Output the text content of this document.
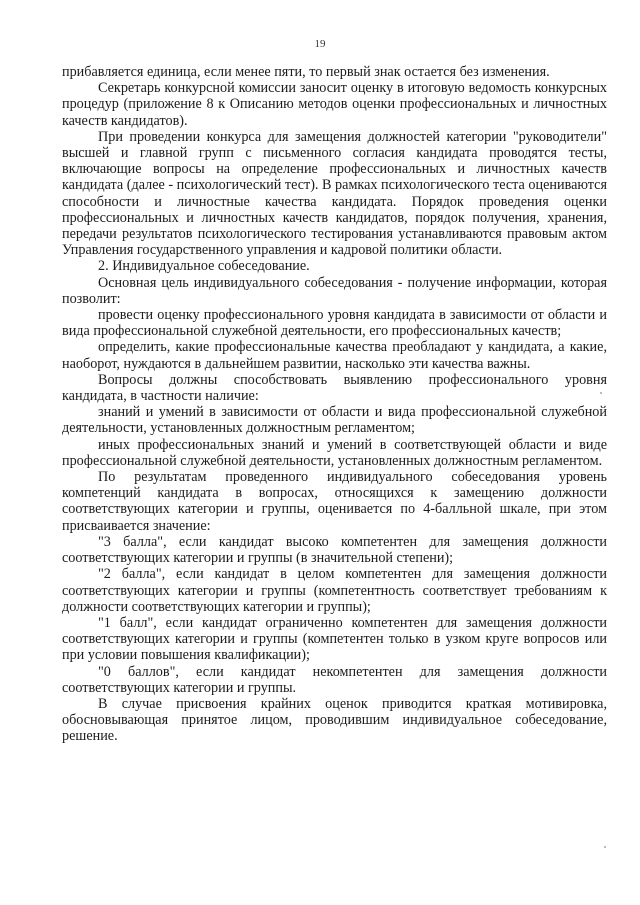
19

прибавляется единица, если менее пяти, то первый знак остается без изменения.

Секретарь конкурсной комиссии заносит оценку в итоговую ведомость конкурсных процедур (приложение 8 к Описанию методов оценки профессиональных и личностных качеств кандидатов).

При проведении конкурса для замещения должностей категории "руководители" высшей и главной групп с письменного согласия кандидата проводятся тесты, включающие вопросы на определение профессиональных и личностных качеств кандидата (далее - психологический тест). В рамках психологического теста оцениваются способности и личностные качества кандидата. Порядок проведения оценки профессиональных и личностных качеств кандидатов, порядок получения, хранения, передачи результатов психологического тестирования устанавливаются правовым актом Управления государственного управления и кадровой политики области.

2. Индивидуальное собеседование.

Основная цель индивидуального собеседования - получение информации, которая позволит:

провести оценку профессионального уровня кандидата в зависимости от области и вида профессиональной служебной деятельности, его профессиональных качеств;

определить, какие профессиональные качества преобладают у кандидата, а какие, наоборот, нуждаются в дальнейшем развитии, насколько эти качества важны.

Вопросы должны способствовать выявлению профессионального уровня кандидата, в частности наличие:

знаний и умений в зависимости от области и вида профессиональной служебной деятельности, установленных должностным регламентом;

иных профессиональных знаний и умений в соответствующей области и виде профессиональной служебной деятельности, установленных должностным регламентом.

По результатам проведенного индивидуального собеседования уровень компетенций кандидата в вопросах, относящихся к замещению должности соответствующих категории и группы, оценивается по 4-балльной шкале, при этом присваивается значение:

"3 балла", если кандидат высоко компетентен для замещения должности соответствующих категории и группы (в значительной степени);

"2 балла", если кандидат в целом компетентен для замещения должности соответствующих категории и группы (компетентность соответствует требованиям к должности соответствующих категории и группы);

"1 балл", если кандидат ограниченно компетентен для замещения должности соответствующих категории и группы (компетентен только в узком круге вопросов или при условии повышения квалификации);

"0 баллов", если кандидат некомпетентен для замещения должности соответствующих категории и группы.

В случае присвоения крайних оценок приводится краткая мотивировка, обосновывающая принятое лицом, проводившим индивидуальное собеседование, решение.
